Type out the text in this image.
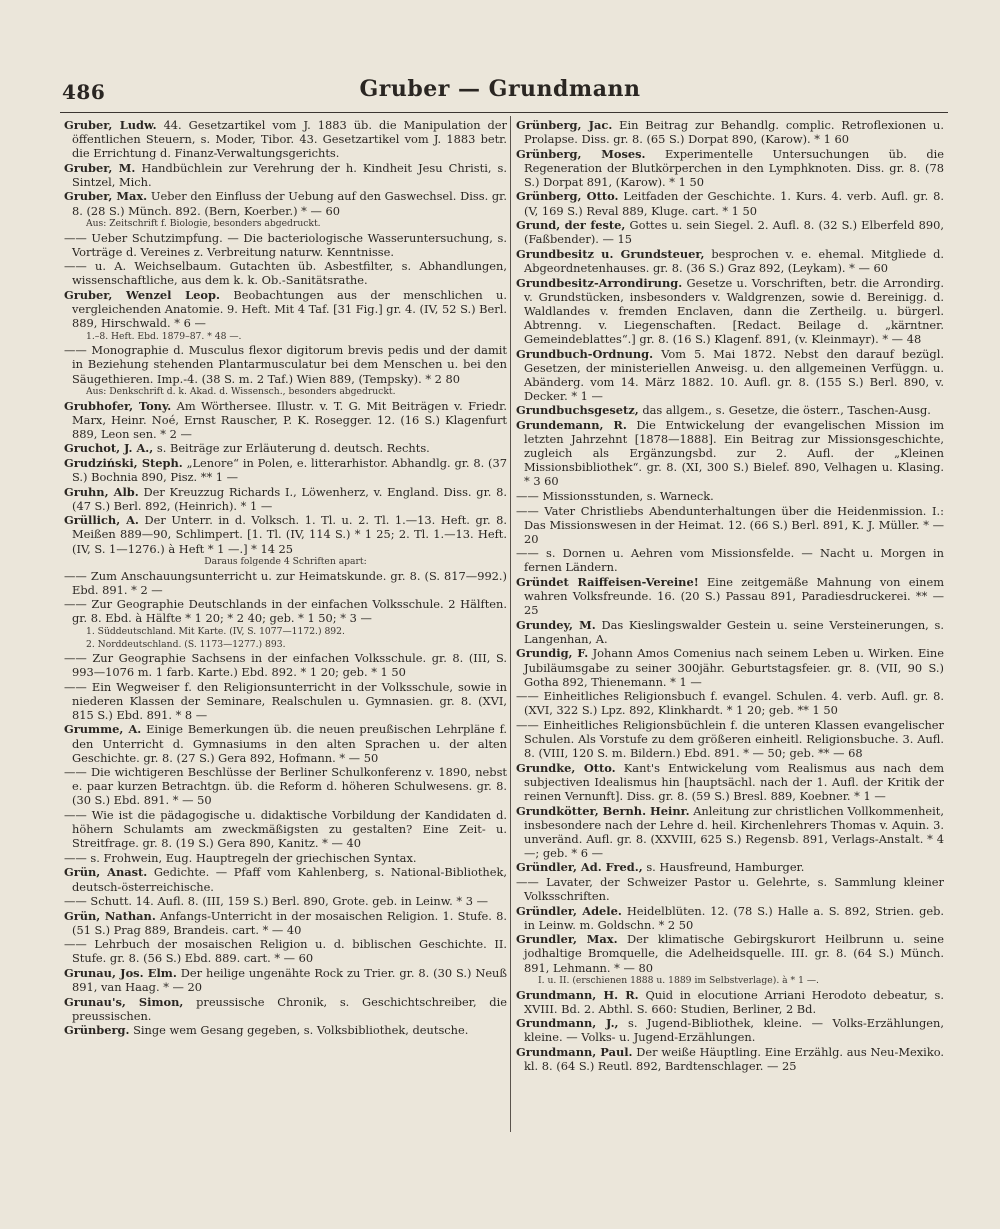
486	Gruber — Grundmann

Gruber, Ludw. 44. Gesetzartikel vom J. 1883 üb. die Manipulation der öffentlichen Steuern, s. Moder, Tibor. 43. Gesetzartikel vom J. 1883 betr. die Errichtung d. Finanz-Verwaltungsgerichts.

Gruber, M. Handbüchlein zur Verehrung der h. Kindheit Jesu Christi, s. Sintzel, Mich.

Gruber, Max. Ueber den Einfluss der Uebung auf den Gaswechsel. Diss. gr. 8. (28 S.) Münch. 892. (Bern, Koerber.) * — 60

Aus: Zeitschrift f. Biologie, besonders abgedruckt.

—— Ueber Schutzimpfung. — Die bacteriologische Wasseruntersuchung, s. Vorträge d. Vereines z. Verbreitung naturw. Kenntnisse.

—— u. A. Weichselbaum. Gutachten üb. Asbestfilter, s. Abhandlungen, wissenschaftliche, aus dem k. k. Ob.-Sanitätsrathe.

Gruber, Wenzel Leop. Beobachtungen aus der menschlichen u. vergleichenden Anatomie. 9. Heft. Mit 4 Taf. [31 Fig.] gr. 4. (IV, 52 S.) Berl. 889, Hirschwald. * 6 —

1.–8. Heft. Ebd. 1879–87. * 48 —.

—— Monographie d. Musculus flexor digitorum brevis pedis und der damit in Beziehung stehenden Plantarmusculatur bei dem Menschen u. bei den Säugethieren. Imp.-4. (38 S. m. 2 Taf.) Wien 889, (Tempsky). * 2 80

Aus: Denkschrift d. k. Akad. d. Wissensch., besonders abgedruckt.

Grubhofer, Tony. Am Wörthersee. Illustr. v. T. G. Mit Beiträgen v. Friedr. Marx, Heinr. Noé, Ernst Rauscher, P. K. Rosegger. 12. (16 S.) Klagenfurt 889, Leon sen. * 2 —

Gruchot, J. A., s. Beiträge zur Erläuterung d. deutsch. Rechts.

Grudziński, Steph. „Lenore“ in Polen, e. litterarhistor. Abhandlg. gr. 8. (37 S.) Bochnia 890, Pisz. ** 1 —

Gruhn, Alb. Der Kreuzzug Richards I., Löwenherz, v. England. Diss. gr. 8. (47 S.) Berl. 892, (Heinrich). * 1 —

Grüllich, A. Der Unterr. in d. Volksch. 1. Tl. u. 2. Tl. 1.—13. Heft. gr. 8. Meißen 889—90, Schlimpert. [1. Tl. (IV, 114 S.) * 1 25; 2. Tl. 1.—13. Heft. (IV, S. 1—1276.) à Heft * 1 —.] * 14 25

Daraus folgende 4 Schriften apart:

—— Zum Anschauungsunterricht u. zur Heimatskunde. gr. 8. (S. 817—992.) Ebd. 891. * 2 —

—— Zur Geographie Deutschlands in der einfachen Volksschule. 2 Hälften. gr. 8. Ebd. à Hälfte * 1 20; * 2 40; geb. * 1 50; * 3 —

1. Süddeutschland. Mit Karte. (IV, S. 1077—1172.) 892.

2. Norddeutschland. (S. 1173—1277.) 893.

—— Zur Geographie Sachsens in der einfachen Volksschule. gr. 8. (III, S. 993—1076 m. 1 farb. Karte.) Ebd. 892. * 1 20; geb. * 1 50

—— Ein Wegweiser f. den Religionsunterricht in der Volksschule, sowie in niederen Klassen der Seminare, Realschulen u. Gymnasien. gr. 8. (XVI, 815 S.) Ebd. 891. * 8 —

Grumme, A. Einige Bemerkungen üb. die neuen preußischen Lehrpläne f. den Unterricht d. Gymnasiums in den alten Sprachen u. der alten Geschichte. gr. 8. (27 S.) Gera 892, Hofmann. * — 50

—— Die wichtigeren Beschlüsse der Berliner Schulkonferenz v. 1890, nebst e. paar kurzen Betrachtgn. üb. die Reform d. höheren Schulwesens. gr. 8. (30 S.) Ebd. 891. * — 50

—— Wie ist die pädagogische u. didaktische Vorbildung der Kandidaten d. höhern Schulamts am zweckmäßigsten zu gestalten? Eine Zeit- u. Streitfrage. gr. 8. (19 S.) Gera 890, Kanitz. * — 40

—— s. Frohwein, Eug. Hauptregeln der griechischen Syntax.

Grün, Anast. Gedichte. — Pfaff vom Kahlenberg, s. National-Bibliothek, deutsch-österreichische.

—— Schutt. 14. Aufl. 8. (III, 159 S.) Berl. 890, Grote. geb. in Leinw. * 3 —

Grün, Nathan. Anfangs-Unterricht in der mosaischen Religion. 1. Stufe. 8. (51 S.) Prag 889, Brandeis. cart. * — 40

—— Lehrbuch der mosaischen Religion u. d. biblischen Geschichte. II. Stufe. gr. 8. (56 S.) Ebd. 889. cart. * — 60

Grunau, Jos. Elm. Der heilige ungenähte Rock zu Trier. gr. 8. (30 S.) Neuß 891, van Haag. * — 20

Grunau's, Simon, preussische Chronik, s. Geschichtschreiber, die preussischen.

Grünberg. Singe wem Gesang gegeben, s. Volksbibliothek, deutsche.

Grünberg, Jac. Ein Beitrag zur Behandlg. complic. Retroflexionen u. Prolapse. Diss. gr. 8. (65 S.) Dorpat 890, (Karow). * 1 60

Grünberg, Moses. Experimentelle Untersuchungen üb. die Regeneration der Blutkörperchen in den Lymphknoten. Diss. gr. 8. (78 S.) Dorpat 891, (Karow). * 1 50

Grünberg, Otto. Leitfaden der Geschichte. 1. Kurs. 4. verb. Aufl. gr. 8. (V, 169 S.) Reval 889, Kluge. cart. * 1 50

Grund, der feste, Gottes u. sein Siegel. 2. Aufl. 8. (32 S.) Elberfeld 890, (Faßbender). — 15

Grundbesitz u. Grundsteuer, besprochen v. e. ehemal. Mitgliede d. Abgeordnetenhauses. gr. 8. (36 S.) Graz 892, (Leykam). * — 60

Grundbesitz-Arrondirung. Gesetze u. Vorschriften, betr. die Arrondirg. v. Grundstücken, insbesonders v. Waldgrenzen, sowie d. Bereinigg. d. Waldlandes v. fremden Enclaven, dann die Zertheilg. u. bürgerl. Abtrenng. v. Liegenschaften. [Redact. Beilage d. „kärntner. Gemeindeblattes“.] gr. 8. (16 S.) Klagenf. 891, (v. Kleinmayr). * — 48

Grundbuch-Ordnung. Vom 5. Mai 1872. Nebst den darauf bezügl. Gesetzen, der ministeriellen Anweisg. u. den allgemeinen Verfüggn. u. Abänderg. vom 14. März 1882. 10. Aufl. gr. 8. (155 S.) Berl. 890, v. Decker. * 1 —

Grundbuchsgesetz, das allgem., s. Gesetze, die österr., Taschen-Ausg.

Grundemann, R. Die Entwickelung der evangelischen Mission im letzten Jahrzehnt [1878—1888]. Ein Beitrag zur Missionsgeschichte, zugleich als Ergänzungsbd. zur 2. Aufl. der „Kleinen Missionsbibliothek“. gr. 8. (XI, 300 S.) Bielef. 890, Velhagen u. Klasing. * 3 60

—— Missionsstunden, s. Warneck.

—— Vater Christliebs Abendunterhaltungen über die Heidenmission. I.: Das Missionswesen in der Heimat. 12. (66 S.) Berl. 891, K. J. Müller. * — 20

—— s. Dornen u. Aehren vom Missionsfelde. — Nacht u. Morgen in fernen Ländern.

Gründet Raiffeisen-Vereine! Eine zeitgemäße Mahnung von einem wahren Volksfreunde. 16. (20 S.) Passau 891, Paradiesdruckerei. ** — 25

Grundey, M. Das Kieslingswalder Gestein u. seine Versteinerungen, s. Langenhan, A.

Grundig, F. Johann Amos Comenius nach seinem Leben u. Wirken. Eine Jubiläumsgabe zu seiner 300jähr. Geburtstagsfeier. gr. 8. (VII, 90 S.) Gotha 892, Thienemann. * 1 —

—— Einheitliches Religionsbuch f. evangel. Schulen. 4. verb. Aufl. gr. 8. (XVI, 322 S.) Lpz. 892, Klinkhardt. * 1 20; geb. ** 1 50

—— Einheitliches Religionsbüchlein f. die unteren Klassen evangelischer Schulen. Als Vorstufe zu dem größeren einheitl. Religionsbuche. 3. Aufl. 8. (VIII, 120 S. m. Bildern.) Ebd. 891. * — 50; geb. ** — 68

Grundke, Otto. Kant's Entwickelung vom Realismus aus nach dem subjectiven Idealismus hin [hauptsächl. nach der 1. Aufl. der Kritik der reinen Vernunft]. Diss. gr. 8. (59 S.) Bresl. 889, Koebner. * 1 —

Grundkötter, Bernh. Heinr. Anleitung zur christlichen Vollkommenheit, insbesondere nach der Lehre d. heil. Kirchenlehrers Thomas v. Aquin. 3. unveränd. Aufl. gr. 8. (XXVIII, 625 S.) Regensb. 891, Verlags-Anstalt. * 4 —; geb. * 6 —

Gründler, Ad. Fred., s. Hausfreund, Hamburger.

—— Lavater, der Schweizer Pastor u. Gelehrte, s. Sammlung kleiner Volksschriften.

Gründler, Adele. Heidelblüten. 12. (78 S.) Halle a. S. 892, Strien. geb. in Leinw. m. Goldschn. * 2 50

Grundler, Max. Der klimatische Gebirgskurort Heilbrunn u. seine jodhaltige Bromquelle, die Adelheidsquelle. III. gr. 8. (64 S.) Münch. 891, Lehmann. * — 80

I. u. II. (erschienen 1888 u. 1889 im Selbstverlage). à * 1 —.

Grundmann, H. R. Quid in elocutione Arriani Herodoto debeatur, s. XVIII. Bd. 2. Abthl. S. 660: Studien, Berliner, 2 Bd.

Grundmann, J., s. Jugend-Bibliothek, kleine. — Volks-Erzählungen, kleine. — Volks- u. Jugend-Erzählungen.

Grundmann, Paul. Der weiße Häuptling. Eine Erzählg. aus Neu-Mexiko. kl. 8. (64 S.) Reutl. 892, Bardtenschlager. — 25
